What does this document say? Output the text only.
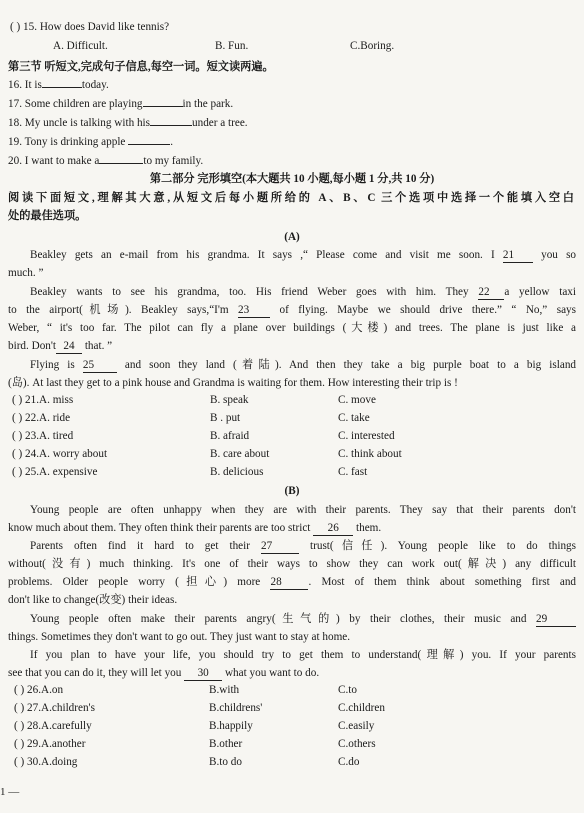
( ) 15. How does David like tennis?
A. Difficult.	B. Fun.	C.Boring.
第三节 听短文,完成句子信息,每空一词。短文读两遍。
16. It is	today.
17. Some children are playing	in the park.
18. My uncle is talking with his	under a tree.
19. Tony is drinking apple	.
20. I want to make a	to my family.
第二部分 完形填空(本大题共 10 小题,每小题 1 分,共 10 分)
阅读下面短文,理解其大意,从短文后每小题所给的 A、B、C 三个选项中选择一个能填入空白
处的最佳选项。
(A)
Beakley gets an e-mail from his grandma. It says ,“ Please come and visit me soon. I 21 you so
much. ”
Beakley wants to see his grandma, too. His friend Weber goes with him. They 22 a yellow taxi
to the airport(机场). Beakley says,“I'm 23	of flying. Maybe we should drive there.” “ No,” says
Weber, “ it's too far. The pilot can fly a plane over buildings (大楼) and trees. The plane is just like a
bird. Don't 24 that. ”
Flying is 25	and soon they land (着陆). And then they take a big purple boat to a big island
(岛). At last they get to a pink house and Grandma is waiting for them. How interesting their trip is !
( ) 21.A. miss	B. speak	C. move
( ) 22.A. ride	B . put	C. take
( ) 23.A. tired	B. afraid	C. interested
( ) 24.A. worry about	B. care about	C. think about
( ) 25.A. expensive	B. delicious	C. fast
(B)
Young people are often unhappy when they are with their parents. They say that their parents don't
know much about them. They often think their parents are too strict 26 them.
Parents often find it hard to get their 27	trust(信任). Young people like to do things
without(没有) much thinking. It's one of their ways to show they can work out(解决) any difficult
problems. Older people worry (担心) more 28 . Most of them think about something first and
don't like to change(改变) their ideas.
Young people often make their parents angry(生气的) by their clothes, their music and 29
things. Sometimes they don't want to go out. They just want to stay at home.
If you plan to have your life, you should try to get them to understand(理解) you. If your parents
see that you can do it, they will let you 30 what you want to do.
( ) 26.A.on	B.with	C.to
( ) 27.A.children's	B.childrens'	C.children
( ) 28.A.carefully	B.happily	C.easily
( ) 29.A.another	B.other	C.others
( ) 30.A.doing	B.to do	C.do
1 —
